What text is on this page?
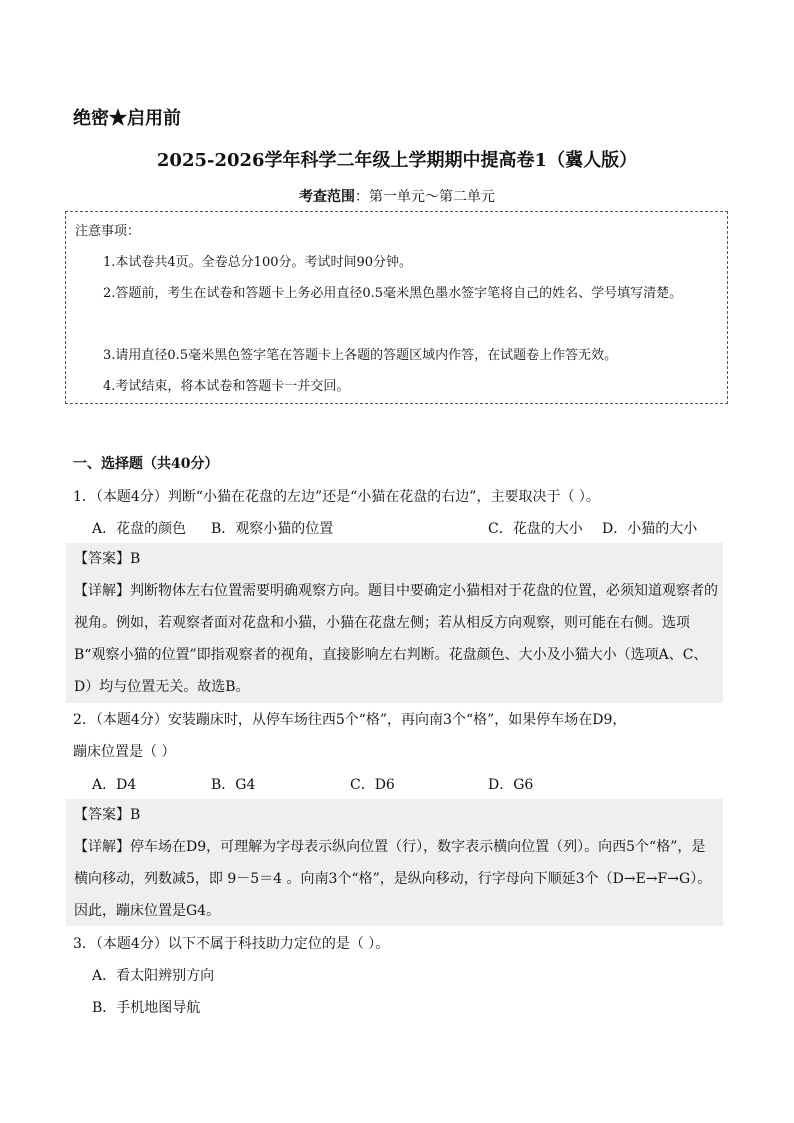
绝密★启用前
2025-2026学年科学二年级上学期期中提高卷1（冀人版）
考查范围：第一单元～第二单元
注意事项：
1.本试卷共4页。全卷总分100分。考试时间90分钟。
2.答题前，考生在试卷和答题卡上务必用直径0.5毫米黑色墨水签字笔将自己的姓名、学号填写清楚。
3.请用直径0.5毫米黑色签字笔在答题卡上各题的答题区域内作答，在试题卷上作答无效。
4.考试结束，将本试卷和答题卡一并交回。
一、选择题（共40分）
1．（本题4分）判断“小猫在花盘的左边”还是“小猫在花盘的右边”，主要取决于（ ）。
A．花盘的颜色 B．观察小猫的位置	C．花盘的大小 D．小猫的大小
【答案】B
【详解】判断物体左右位置需要明确观察方向。题目中要确定小猫相对于花盘的位置，必须知道观察者的视角。例如，若观察者面对花盘和小猫，小猫在花盘左侧；若从相反方向观察，则可能在右侧。选项B“观察小猫的位置”即指观察者的视角，直接影响左右判断。花盘颜色、大小及小猫大小（选项A、C、D）均与位置无关。故选B。
2．（本题4分）安装蹦床时，从停车场往西5个“格”，再向南3个“格”，如果停车场在D9，
蹦床位置是（ ）
A．D4	B．G4	C．D6	D．G6
【答案】B
【详解】停车场在D9，可理解为字母表示纵向位置（行），数字表示横向位置（列）。向西5个“格”，是横向移动，列数减5，即 9－5＝4 。向南3个“格”，是纵向移动，行字母向下顺延3个（D→E→F→G）。因此，蹦床位置是G4。
3．（本题4分）以下不属于科技助力定位的是（ ）。
A．看太阳辨别方向
B．手机地图导航
